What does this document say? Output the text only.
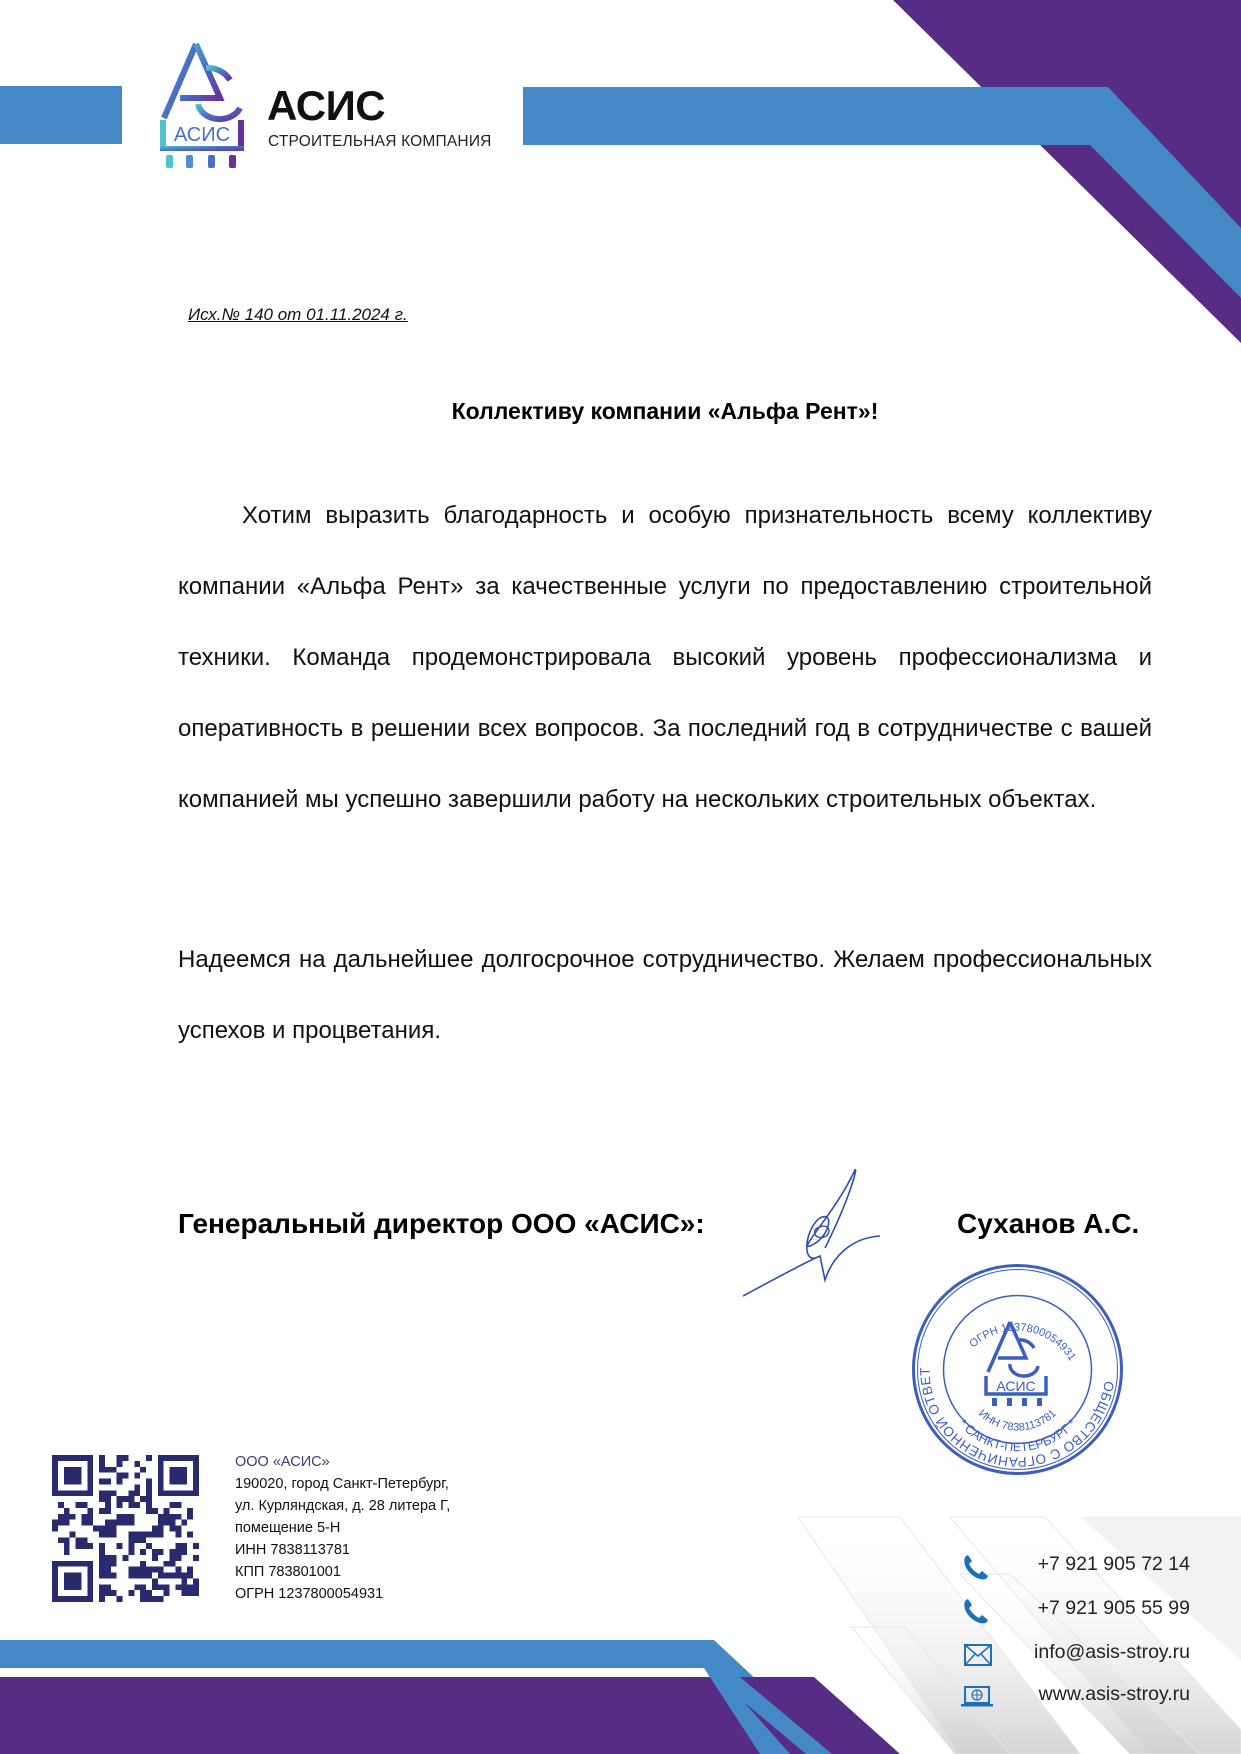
АСИС
АСИС
СТРОИТЕЛЬНАЯ КОМПАНИЯ
Исх.№ 140 от 01.11.2024 г.
Коллективу компании «Альфа Рент»!
Хотим выразить благодарность и особую признательность всему коллективу компании «Альфа Рент» за качественные услуги по предоставлению строительной техники. Команда продемонстрировала высокий уровень профессионализма и оперативность в решении всех вопросов. За последний год в сотрудничестве с вашей компанией мы успешно завершили работу на нескольких строительных объектах.
Надеемся на дальнейшее долгосрочное сотрудничество. Желаем профессиональных успехов и процветания.
Генеральный директор ООО «АСИС»:	Суханов А.С.
ОБЩЕСТВО С ОГРАНИЧЕННОЙ ОТВЕТ
* САНКТ-ПЕТЕРБУРГ *
ОГРН 1237800054931
ИНН 7838113781
АСИС
ООО «АСИС»
190020, город Санкт-Петербург,
ул. Курляндская, д. 28 литера Г,
помещение 5-Н
ИНН 7838113781
КПП 783801001
ОГРН 1237800054931
+7 921 905 72 14
+7 921 905 55 99
info@asis-stroy.ru
www.asis-stroy.ru
